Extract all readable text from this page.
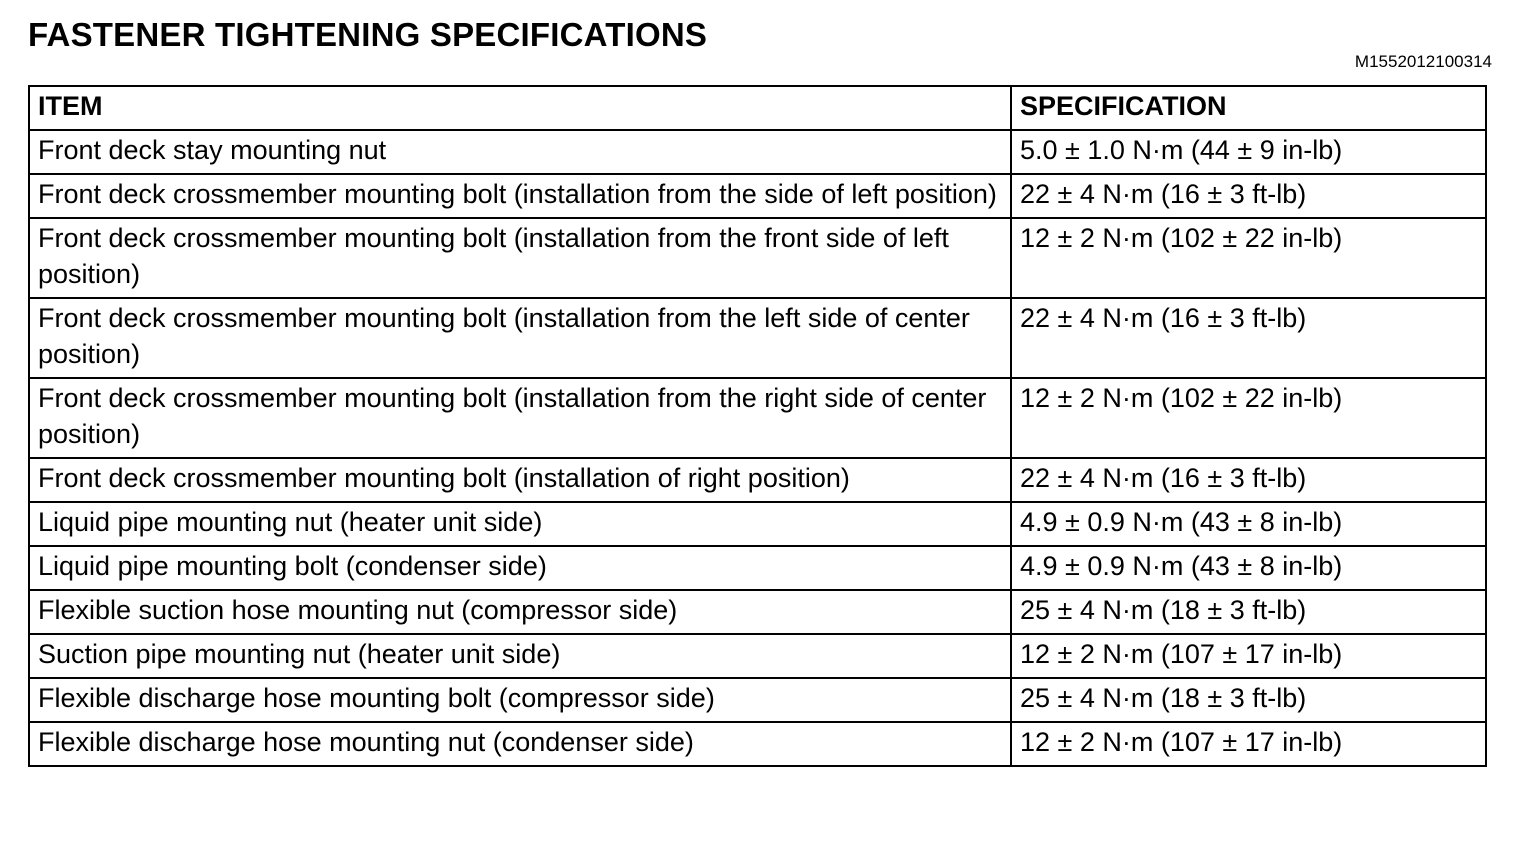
FASTENER TIGHTENING SPECIFICATIONS
M1552012100314
ITEM	SPECIFICATION
Front deck stay mounting nut	5.0 ± 1.0 N·m (44 ± 9 in-lb)
Front deck crossmember mounting bolt (installation from the side of left position)	22 ± 4 N·m (16 ± 3 ft-lb)
Front deck crossmember mounting bolt (installation from the front side of left position)	12 ± 2 N·m (102 ± 22 in-lb)
Front deck crossmember mounting bolt (installation from the left side of center position)	22 ± 4 N·m (16 ± 3 ft-lb)
Front deck crossmember mounting bolt (installation from the right side of center position)	12 ± 2 N·m (102 ± 22 in-lb)
Front deck crossmember mounting bolt (installation of right position)	22 ± 4 N·m (16 ± 3 ft-lb)
Liquid pipe mounting nut (heater unit side)	4.9 ± 0.9 N·m (43 ± 8 in-lb)
Liquid pipe mounting bolt (condenser side)	4.9 ± 0.9 N·m (43 ± 8 in-lb)
Flexible suction hose mounting nut (compressor side)	25 ± 4 N·m (18 ± 3 ft-lb)
Suction pipe mounting nut (heater unit side)	12 ± 2 N·m (107 ± 17 in-lb)
Flexible discharge hose mounting bolt (compressor side)	25 ± 4 N·m (18 ± 3 ft-lb)
Flexible discharge hose mounting nut (condenser side)	12 ± 2 N·m (107 ± 17 in-lb)
